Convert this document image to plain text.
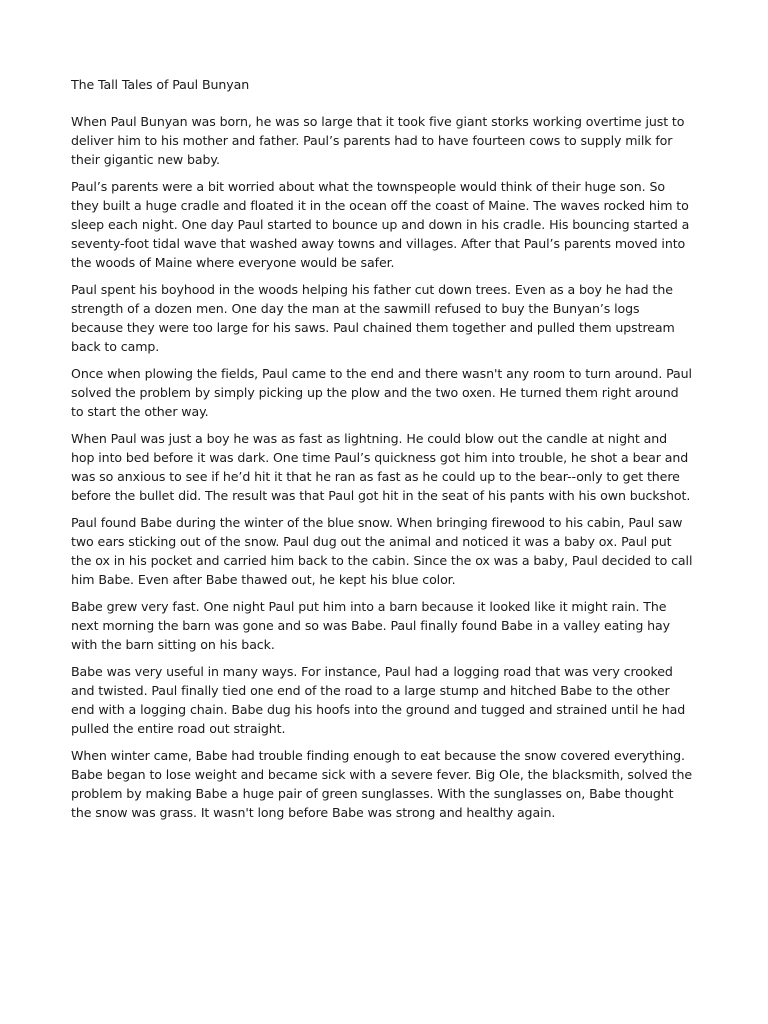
The Tall Tales of Paul Bunyan

When Paul Bunyan was born, he was so large that it took five giant storks working overtime just to deliver him to his mother and father. Paul’s parents had to have fourteen cows to supply milk for their gigantic new baby.

Paul’s parents were a bit worried about what the townspeople would think of their huge son. So they built a huge cradle and floated it in the ocean off the coast of Maine. The waves rocked him to sleep each night. One day Paul started to bounce up and down in his cradle. His bouncing started a seventy-foot tidal wave that washed away towns and villages. After that Paul’s parents moved into the woods of Maine where everyone would be safer.

Paul spent his boyhood in the woods helping his father cut down trees. Even as a boy he had the strength of a dozen men. One day the man at the sawmill refused to buy the Bunyan’s logs because they were too large for his saws. Paul chained them together and pulled them upstream back to camp.

Once when plowing the fields, Paul came to the end and there wasn't any room to turn around. Paul solved the problem by simply picking up the plow and the two oxen. He turned them right around to start the other way.

When Paul was just a boy he was as fast as lightning. He could blow out the candle at night and hop into bed before it was dark. One time Paul’s quickness got him into trouble, he shot a bear and was so anxious to see if he’d hit it that he ran as fast as he could up to the bear--only to get there before the bullet did. The result was that Paul got hit in the seat of his pants with his own buckshot.

Paul found Babe during the winter of the blue snow. When bringing firewood to his cabin, Paul saw two ears sticking out of the snow. Paul dug out the animal and noticed it was a baby ox. Paul put the ox in his pocket and carried him back to the cabin. Since the ox was a baby, Paul decided to call him Babe. Even after Babe thawed out, he kept his blue color.

Babe grew very fast. One night Paul put him into a barn because it looked like it might rain. The next morning the barn was gone and so was Babe. Paul finally found Babe in a valley eating hay with the barn sitting on his back.

Babe was very useful in many ways. For instance, Paul had a logging road that was very crooked and twisted. Paul finally tied one end of the road to a large stump and hitched Babe to the other end with a logging chain. Babe dug his hoofs into the ground and tugged and strained until he had pulled the entire road out straight.

When winter came, Babe had trouble finding enough to eat because the snow covered everything. Babe began to lose weight and became sick with a severe fever. Big Ole, the blacksmith, solved the problem by making Babe a huge pair of green sunglasses. With the sunglasses on, Babe thought the snow was grass. It wasn't long before Babe was strong and healthy again.
